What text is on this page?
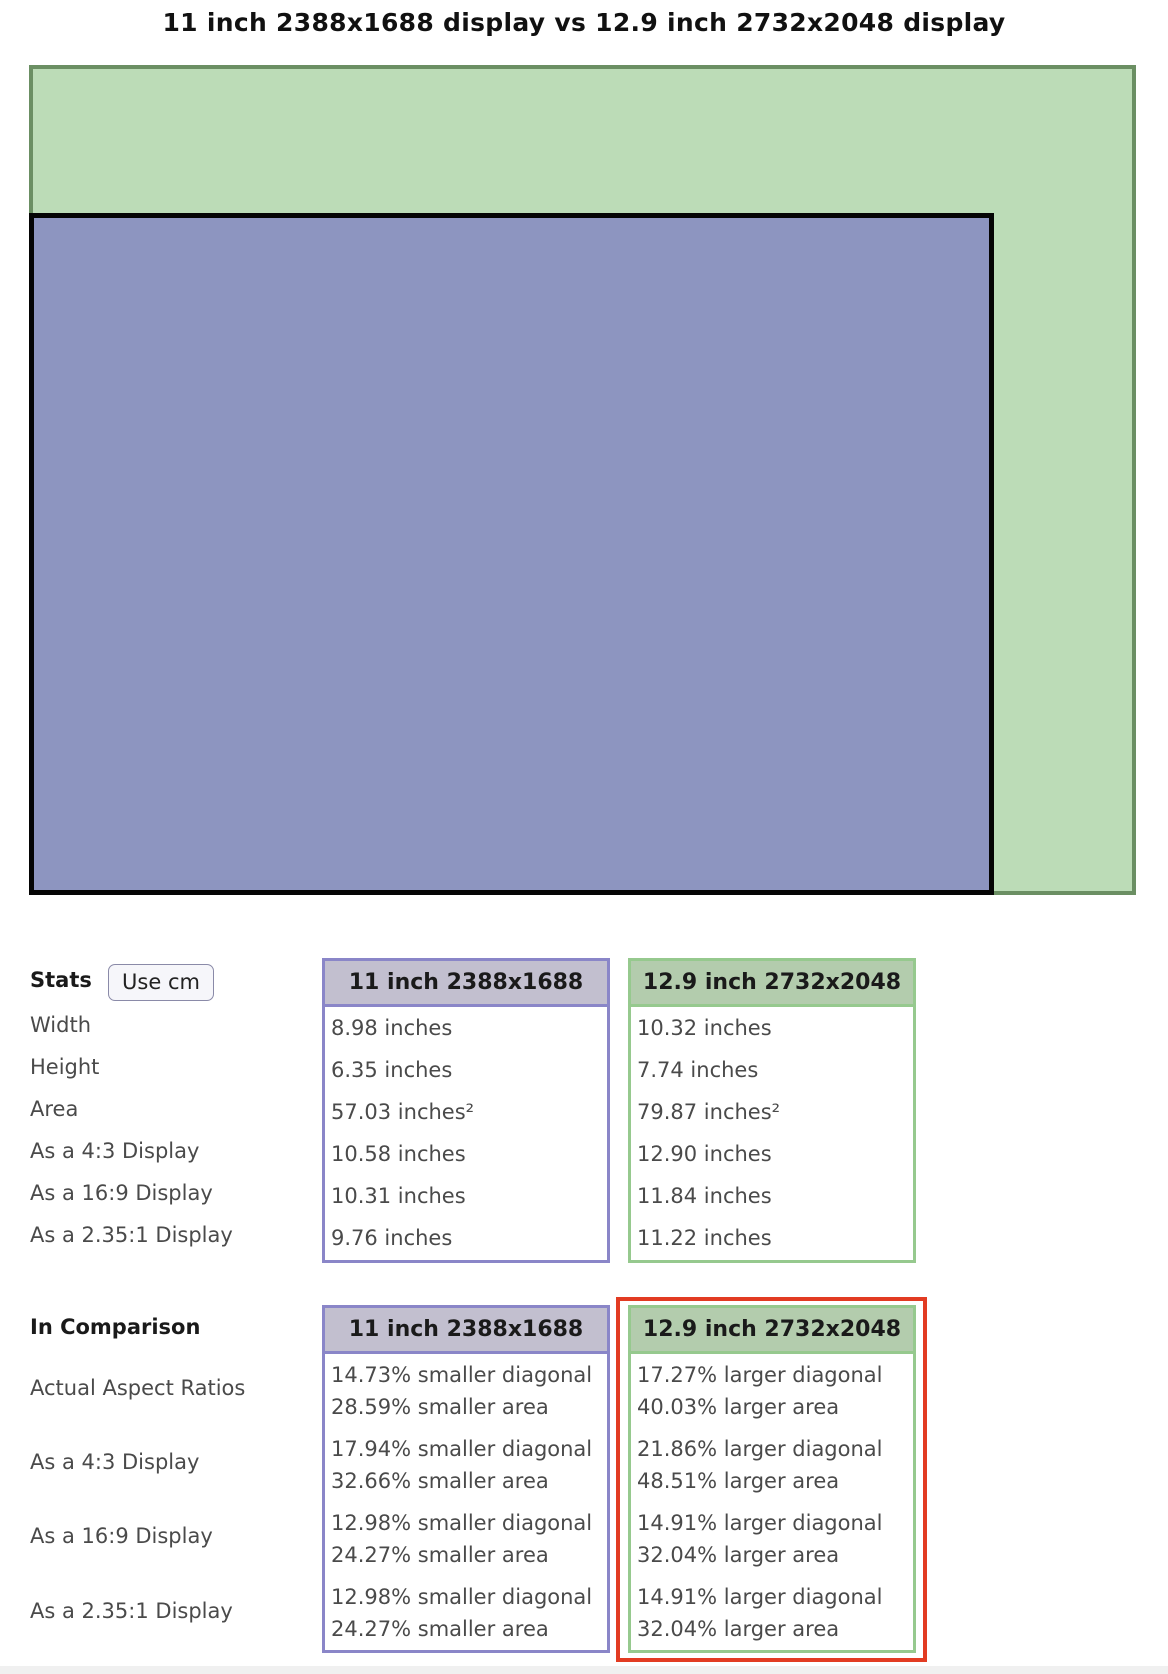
11 inch 2388x1688 display vs 12.9 inch 2732x2048 display
Stats	Use cm
Width
Height
Area
As a 4:3 Display
As a 16:9 Display
As a 2.35:1 Display
11 inch 2388x1688
8.98 inches
6.35 inches
57.03 inches²
10.58 inches
10.31 inches
9.76 inches
12.9 inch 2732x2048
10.32 inches
7.74 inches
79.87 inches²
12.90 inches
11.84 inches
11.22 inches
In Comparison
Actual Aspect Ratios
As a 4:3 Display
As a 16:9 Display
As a 2.35:1 Display
11 inch 2388x1688
14.73% smaller diagonal
28.59% smaller area
17.94% smaller diagonal
32.66% smaller area
12.98% smaller diagonal
24.27% smaller area
12.98% smaller diagonal
24.27% smaller area
12.9 inch 2732x2048
17.27% larger diagonal
40.03% larger area
21.86% larger diagonal
48.51% larger area
14.91% larger diagonal
32.04% larger area
14.91% larger diagonal
32.04% larger area
